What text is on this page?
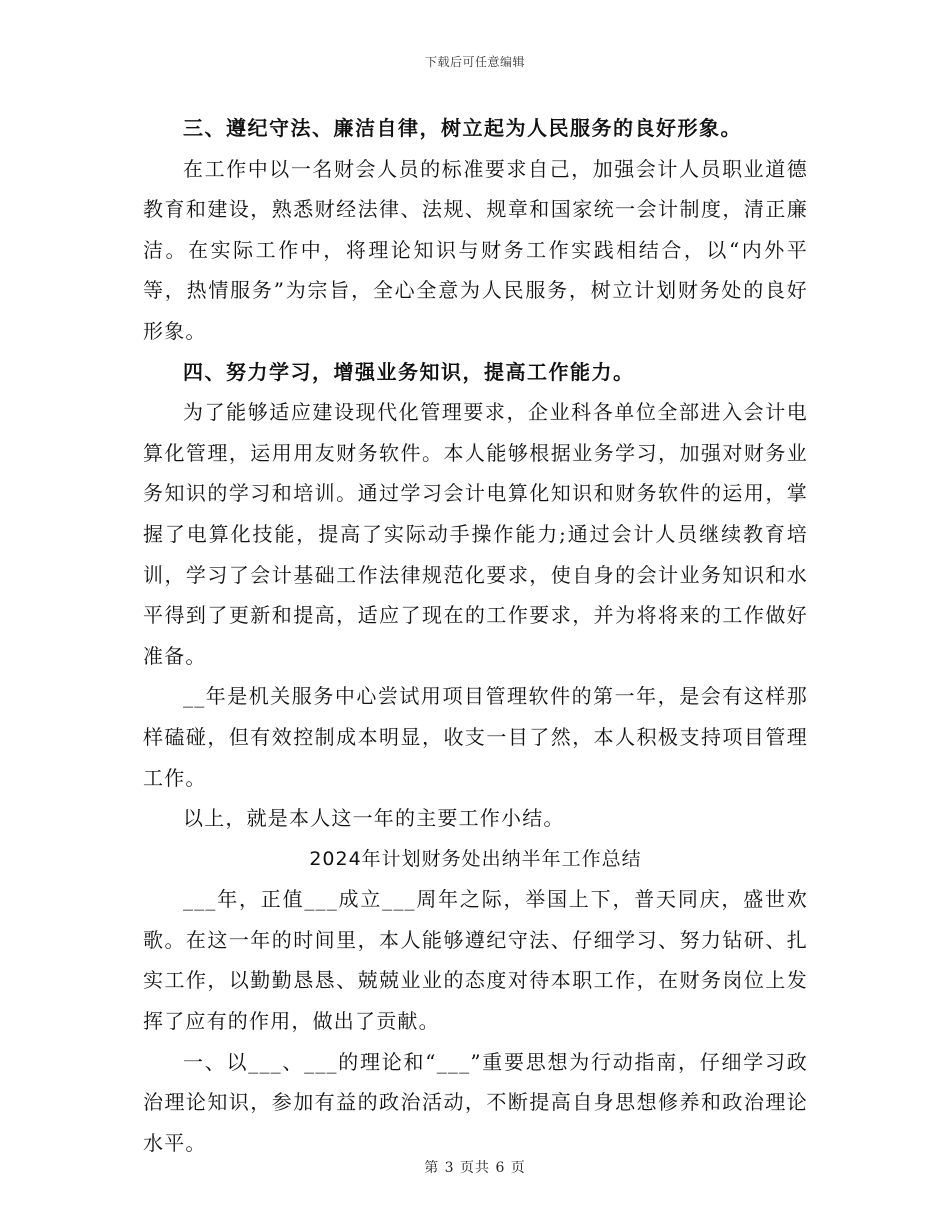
下载后可任意编辑

三、遵纪守法、廉洁自律，树立起为人民服务的良好形象。

在工作中以一名财会人员的标准要求自己，加强会计人员职业道德教育和建设，熟悉财经法律、法规、规章和国家统一会计制度，清正廉洁。在实际工作中，将理论知识与财务工作实践相结合，以“内外平等，热情服务”为宗旨，全心全意为人民服务，树立计划财务处的良好形象。

四、努力学习，增强业务知识，提高工作能力。

为了能够适应建设现代化管理要求，企业科各单位全部进入会计电算化管理，运用用友财务软件。本人能够根据业务学习，加强对财务业务知识的学习和培训。通过学习会计电算化知识和财务软件的运用，掌握了电算化技能，提高了实际动手操作能力;通过会计人员继续教育培训，学习了会计基础工作法律规范化要求，使自身的会计业务知识和水平得到了更新和提高，适应了现在的工作要求，并为将将来的工作做好准备。

__年是机关服务中心尝试用项目管理软件的第一年，是会有这样那样磕碰，但有效控制成本明显，收支一目了然，本人积极支持项目管理工作。

以上，就是本人这一年的主要工作小结。

2024年计划财务处出纳半年工作总结

___年，正值___成立___周年之际，举国上下，普天同庆，盛世欢歌。在这一年的时间里，本人能够遵纪守法、仔细学习、努力钻研、扎实工作，以勤勤恳恳、兢兢业业的态度对待本职工作，在财务岗位上发挥了应有的作用，做出了贡献。

一、以___、___的理论和“___”重要思想为行动指南，仔细学习政治理论知识，参加有益的政治活动，不断提高自身思想修养和政治理论水平。

第 3 页共 6 页
